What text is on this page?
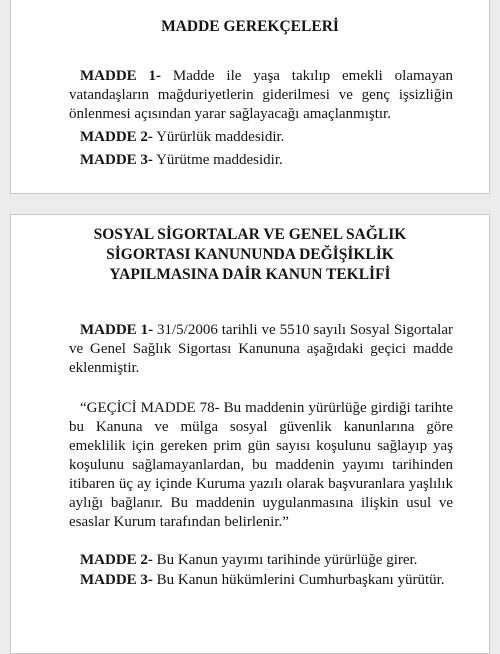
MADDE GEREKÇELERİ

MADDE 1- Madde ile yaşa takılıp emekli olamayan vatandaşların mağduriyetlerin giderilmesi ve genç işsizliğin önlenmesi açısından yarar sağlayacağı amaçlanmıştır.

MADDE 2- Yürürlük maddesidir.

MADDE 3- Yürütme maddesidir.

SOSYAL SİGORTALAR VE GENEL SAĞLIK
SİGORTASI KANUNUNDA DEĞİŞİKLİK
YAPILMASINA DAİR KANUN TEKLİFİ

MADDE 1- 31/5/2006 tarihli ve 5510 sayılı Sosyal Sigortalar ve Genel Sağlık Sigortası Kanununa aşağıdaki geçici madde eklenmiştir.

“GEÇİCİ MADDE 78- Bu maddenin yürürlüğe girdiği tarihte bu Kanuna ve mülga sosyal güvenlik kanunlarına göre emeklilik için gereken prim gün sayısı koşulunu sağlayıp yaş koşulunu sağlamayanlardan, bu maddenin yayımı tarihinden itibaren üç ay içinde Kuruma yazılı olarak başvuranlara yaşlılık aylığı bağlanır. Bu maddenin uygulanmasına ilişkin usul ve esaslar Kurum tarafından belirlenir.”

MADDE 2- Bu Kanun yayımı tarihinde yürürlüğe girer.

MADDE 3- Bu Kanun hükümlerini Cumhurbaşkanı yürütür.
